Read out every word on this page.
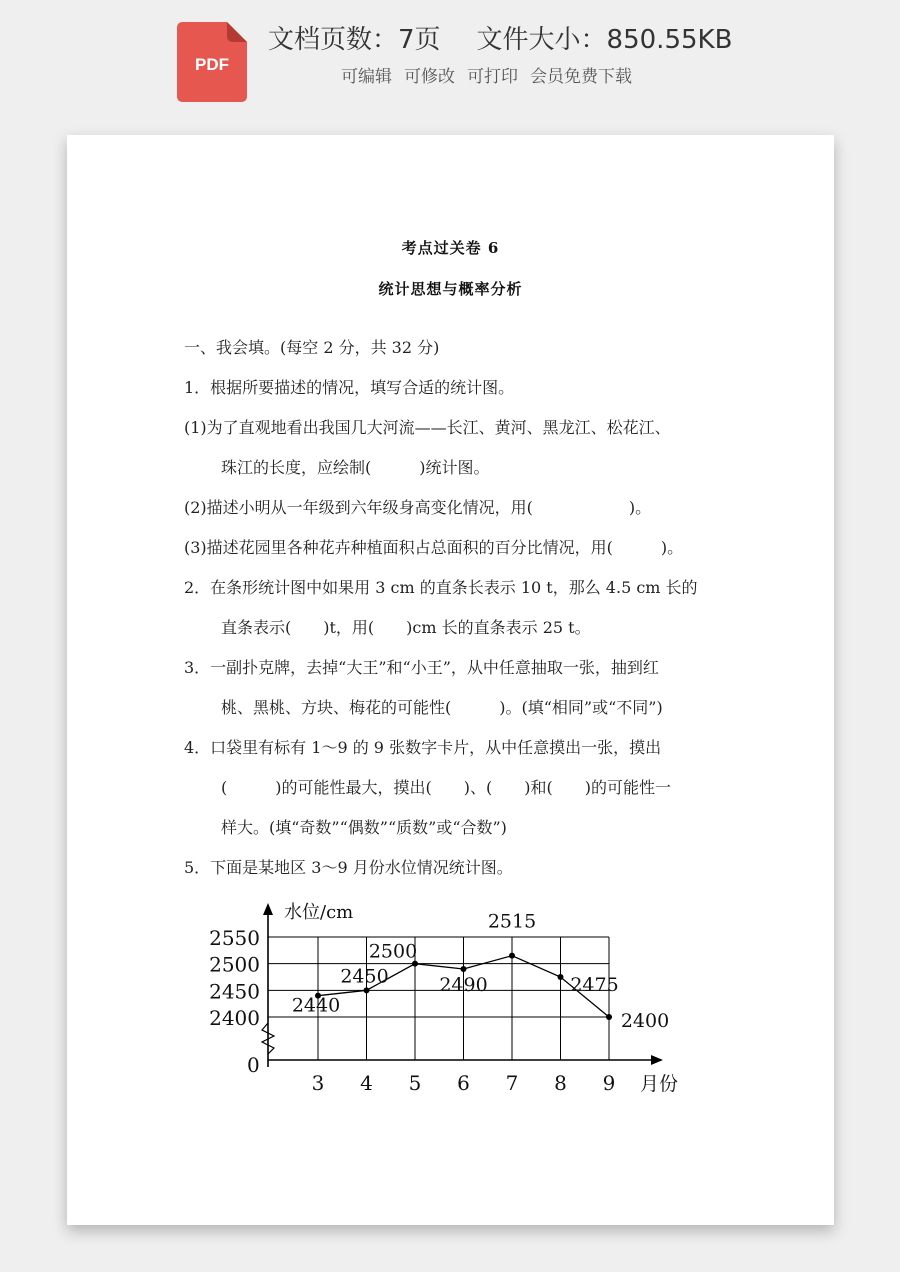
PDF
文档页数：7页 文件大小：850.55KB
可编辑 可修改 可打印 会员免费下载
考点过关卷 6
统计思想与概率分析
一、我会填。(每空 2 分，共 32 分)
1．根据所要描述的情况，填写合适的统计图。
(1)为了直观地看出我国几大河流——长江、黄河、黑龙江、松花江、
珠江的长度，应绘制(　　　)统计图。
(2)描述小明从一年级到六年级身高变化情况，用(　　　　　　)。
(3)描述花园里各种花卉种植面积占总面积的百分比情况，用(　　　)。
2．在条形统计图中如果用 3 cm 的直条长表示 10 t，那么 4.5 cm 长的
直条表示(　　)t，用(　　)cm 长的直条表示 25 t。
3．一副扑克牌，去掉“大王”和“小王”，从中任意抽取一张，抽到红
桃、黑桃、方块、梅花的可能性(　　　)。(填“相同”或“不同”)
4．口袋里有标有 1～9 的 9 张数字卡片，从中任意摸出一张，摸出
(　　　)的可能性最大，摸出(　　)、(　　)和(　　)的可能性一
样大。(填“奇数”“偶数”“质数”或“合数”)
5．下面是某地区 3～9 月份水位情况统计图。
水位/cm
月份
0
2550
2500
2450
2400
3 4 5 6 7 8 9
2440
2450
2500
2490
2515
2475
2400
